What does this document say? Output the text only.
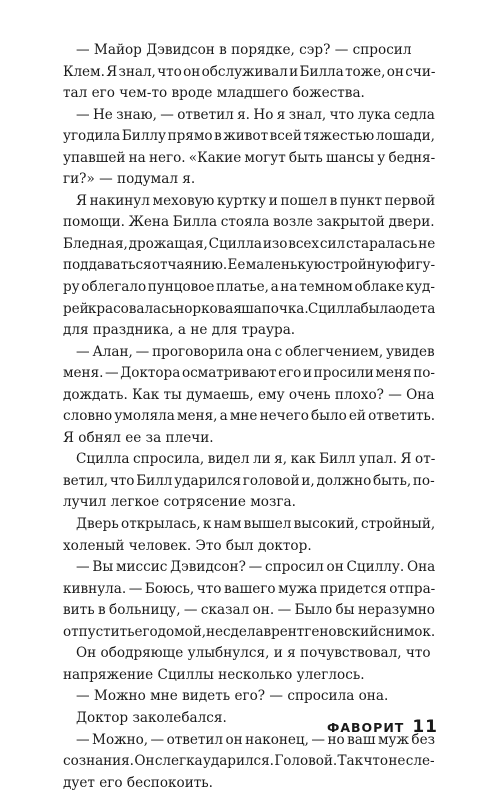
— Майор Дэвидсон в порядке, сэр? — спросил
Клем. Я знал, что он обслуживал и Билла тоже, он счи-
тал его чем-то вроде младшего божества.
— Не знаю, — ответил я. Но я знал, что лука седла
угодила Биллу прямо в живот всей тяжестью лошади,
упавшей на него. «Какие могут быть шансы у бедня-
ги?» — подумал я.
Я накинул меховую куртку и пошел в пункт первой
помощи. Жена Билла стояла возле закрытой двери.
Бледная, дрожащая, Сцилла изо всех сил старалась не
поддаваться отчаянию. Ее маленькую стройную фигу-
ру облегало пунцовое платье, а на темном облаке куд-
рей красовалась норковая шапочка. Сцилла была одета
для праздника, а не для траура.
— Алан, — проговорила она с облегчением, увидев
меня. — Доктора осматривают его и просили меня по-
дождать. Как ты думаешь, ему очень плохо? — Она
словно умоляла меня, а мне нечего было ей ответить.
Я обнял ее за плечи.
Сцилла спросила, видел ли я, как Билл упал. Я от-
ветил, что Билл ударился головой и, должно быть, по-
лучил легкое сотрясение мозга.
Дверь открылась, к нам вышел высокий, стройный,
холеный человек. Это был доктор.
— Вы миссис Дэвидсон? — спросил он Сциллу. Она
кивнула. — Боюсь, что вашего мужа придется отпра-
вить в больницу, — сказал он. — Было бы неразумно
отпустить его домой, не сделав рентгеновский снимок.
Он ободряюще улыбнулся, и я почувствовал, что
напряжение Сциллы несколько улеглось.
— Можно мне видеть его? — спросила она.
Доктор заколебался.
— Можно, — ответил он наконец, — но ваш муж без
сознания. Он слегка ударился. Головой. Так что не сле-
дует его беспокоить.
ФАВОРИТ 11
